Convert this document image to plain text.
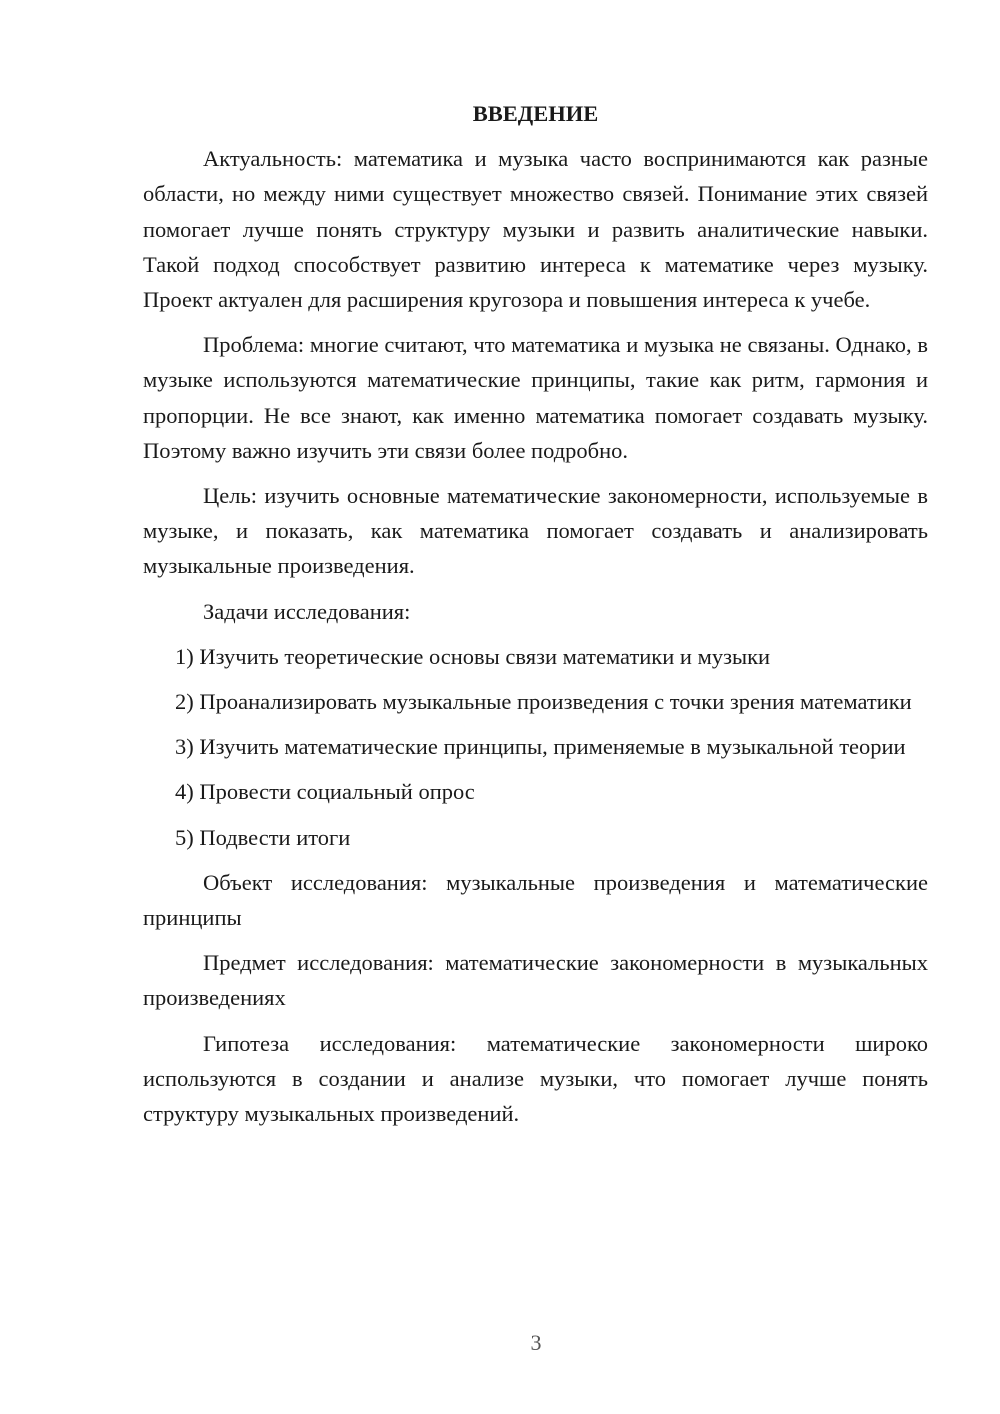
ВВЕДЕНИЕ

Актуальность: математика и музыка часто воспринимаются как разные области, но между ними существует множество связей. Понимание этих связей помогает лучше понять структуру музыки и развить аналитические навыки. Такой подход способствует развитию интереса к математике через музыку. Проект актуален для расширения кругозора и повышения интереса к учебе.

Проблема: многие считают, что математика и музыка не связаны. Однако, в музыке используются математические принципы, такие как ритм, гармония и пропорции. Не все знают, как именно математика помогает создавать музыку. Поэтому важно изучить эти связи более подробно.

Цель: изучить основные математические закономерности, используемые в музыке, и показать, как математика помогает создавать и анализировать музыкальные произведения.

Задачи исследования:

1) Изучить теоретические основы связи математики и музыки

2) Проанализировать музыкальные произведения с точки зрения математики

3) Изучить математические принципы, применяемые в музыкальной теории

4) Провести социальный опрос

5) Подвести итоги

Объект исследования: музыкальные произведения и математические принципы

Предмет исследования: математические закономерности в музыкальных произведениях

Гипотеза исследования: математические закономерности широко используются в создании и анализе музыки, что помогает лучше понять структуру музыкальных произведений.

3
